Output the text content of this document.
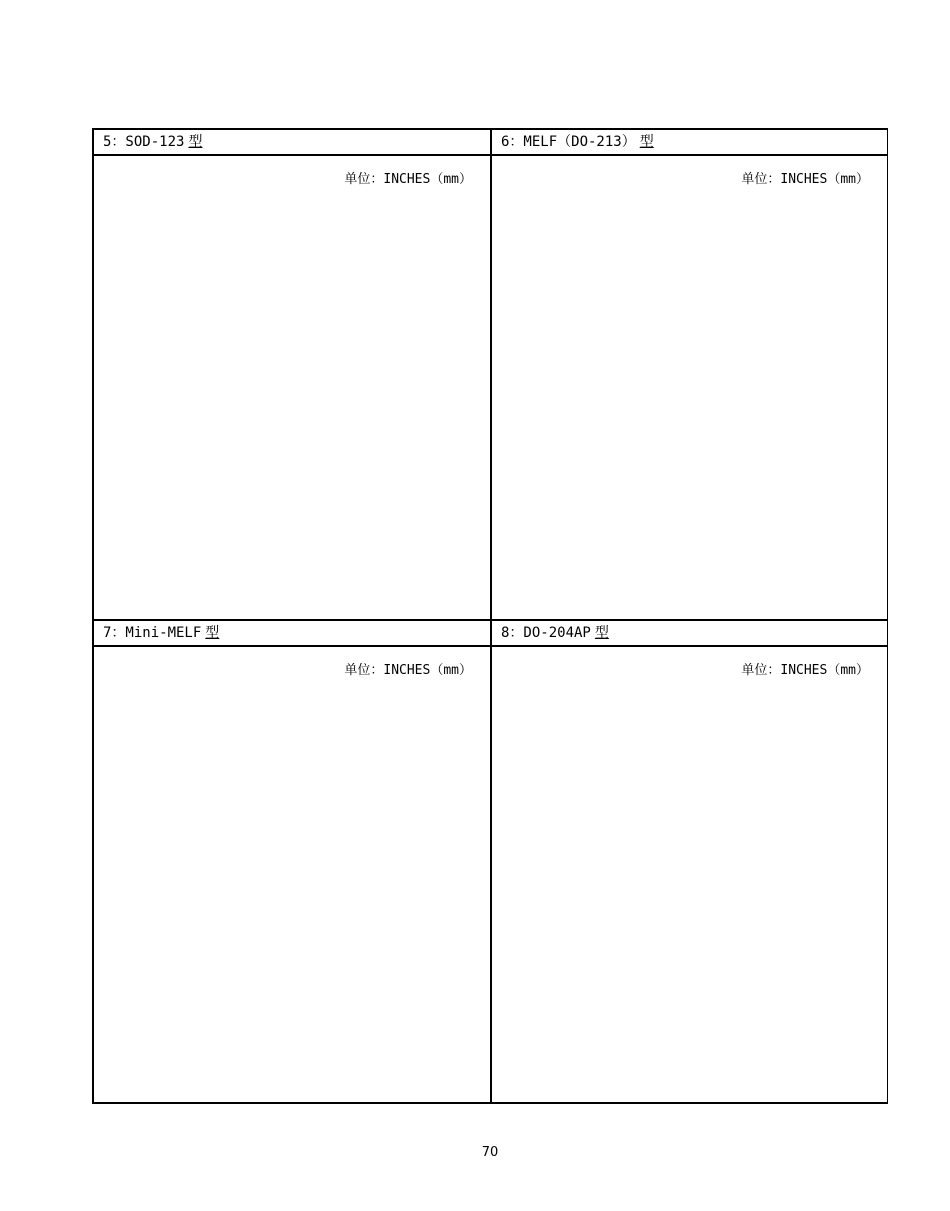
5：SOD-123 型
单位：INCHES（mm）
6：MELF（DO-213） 型
单位：INCHES（mm）
7：Mini-MELF 型
单位：INCHES（mm）
8：DO-204AP 型
单位：INCHES（mm）
70
